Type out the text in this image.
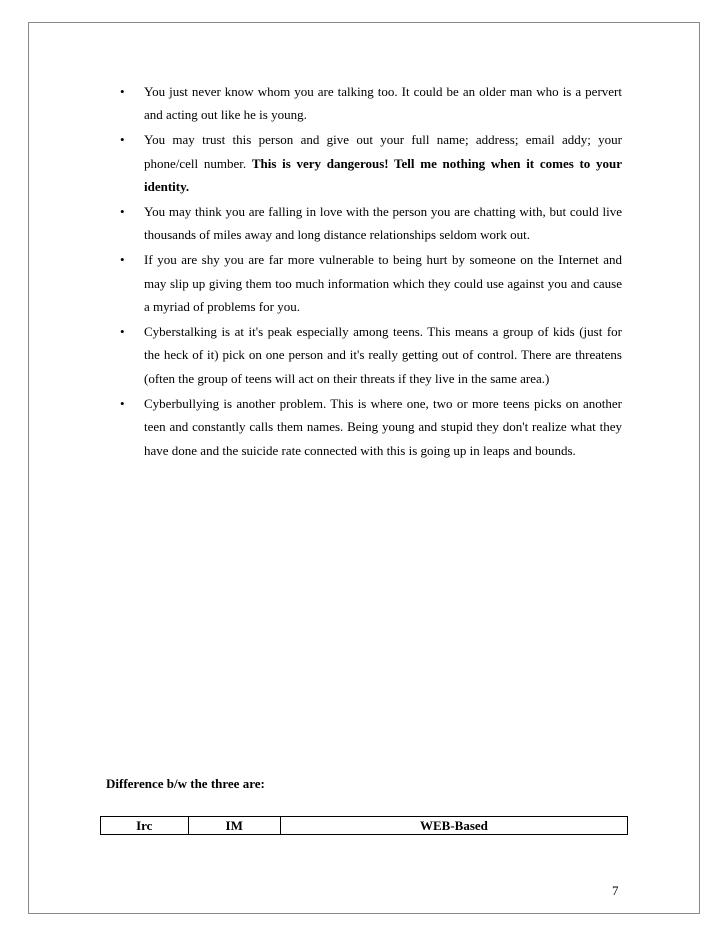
• You just never know whom you are talking too. It could be an older man who is a pervert and acting out like he is young.
• You may trust this person and give out your full name; address; email addy; your phone/cell number. This is very dangerous! Tell me nothing when it comes to your identity.
• You may think you are falling in love with the person you are chatting with, but could live thousands of miles away and long distance relationships seldom work out.
• If you are shy you are far more vulnerable to being hurt by someone on the Internet and may slip up giving them too much information which they could use against you and cause a myriad of problems for you.
• Cyberstalking is at it's peak especially among teens. This means a group of kids (just for the heck of it) pick on one person and it's really getting out of control. There are threatens (often the group of teens will act on their threats if they live in the same area.)
• Cyberbullying is another problem. This is where one, two or more teens picks on another teen and constantly calls them names. Being young and stupid they don't realize what they have done and the suicide rate connected with this is going up in leaps and bounds.
Difference b/w the three are:
Irc	IM	WEB-Based
7
